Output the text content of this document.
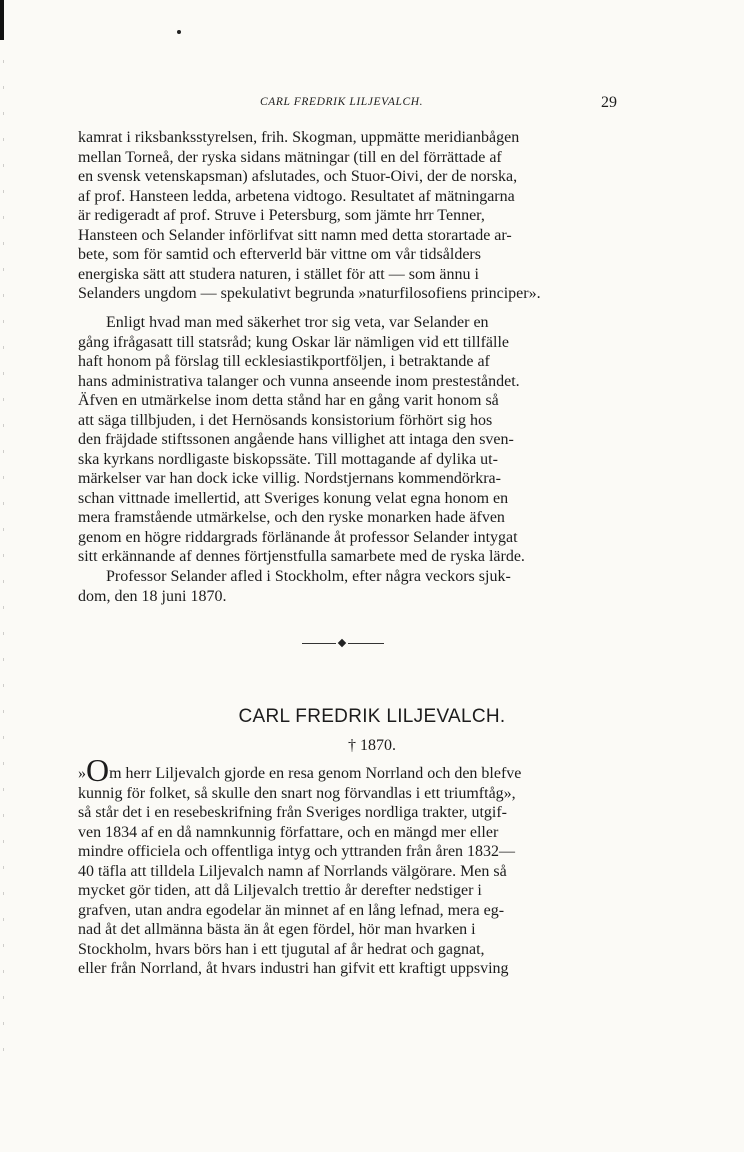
CARL FREDRIK LILJEVALCH.	29

kamrat i riksbanksstyrelsen, frih. Skogman, uppmätte meridianbågen
mellan Torneå, der ryska sidans mätningar (till en del förrättade af
en svensk vetenskapsman) afslutades, och Stuor-Oivi, der de norska,
af prof. Hansteen ledda, arbetena vidtogo. Resultatet af mätningarna
är redigeradt af prof. Struve i Petersburg, som jämte hrr Tenner,
Hansteen och Selander införlifvat sitt namn med detta storartade ar-
bete, som för samtid och efterverld bär vittne om vår tidsålders
energiska sätt att studera naturen, i stället för att — som ännu i
Selanders ungdom — spekulativt begrunda »naturfilosofiens principer».

Enligt hvad man med säkerhet tror sig veta, var Selander en
gång ifrågasatt till statsråd; kung Oskar lär nämligen vid ett tillfälle
haft honom på förslag till ecklesiastikportföljen, i betraktande af
hans administrativa talanger och vunna anseende inom presteståndet.
Äfven en utmärkelse inom detta stånd har en gång varit honom så
att säga tillbjuden, i det Hernösands konsistorium förhört sig hos
den fräjdade stiftssonen angående hans villighet att intaga den sven-
ska kyrkans nordligaste biskopssäte. Till mottagande af dylika ut-
märkelser var han dock icke villig. Nordstjernans kommendörkra-
schan vittnade imellertid, att Sveriges konung velat egna honom en
mera framstående utmärkelse, och den ryske monarken hade äfven
genom en högre riddargrads förlänande åt professor Selander intygat
sitt erkännande af dennes förtjenstfulla samarbete med de ryska lärde.

Professor Selander afled i Stockholm, efter några veckors sjuk-
dom, den 18 juni 1870.

CARL FREDRIK LILJEVALCH.
† 1870.

»Om herr Liljevalch gjorde en resa genom Norrland och den blefve
kunnig för folket, så skulle den snart nog förvandlas i ett triumftåg»,
så står det i en resebeskrifning från Sveriges nordliga trakter, utgif-
ven 1834 af en då namnkunnig författare, och en mängd mer eller
mindre officiela och offentliga intyg och yttranden från åren 1832—
40 täfla att tilldela Liljevalch namn af Norrlands välgörare. Men så
mycket gör tiden, att då Liljevalch trettio år derefter nedstiger i
grafven, utan andra egodelar än minnet af en lång lefnad, mera eg-
nad åt det allmänna bästa än åt egen fördel, hör man hvarken i
Stockholm, hvars börs han i ett tjugutal af år hedrat och gagnat,
eller från Norrland, åt hvars industri han gifvit ett kraftigt uppsving
